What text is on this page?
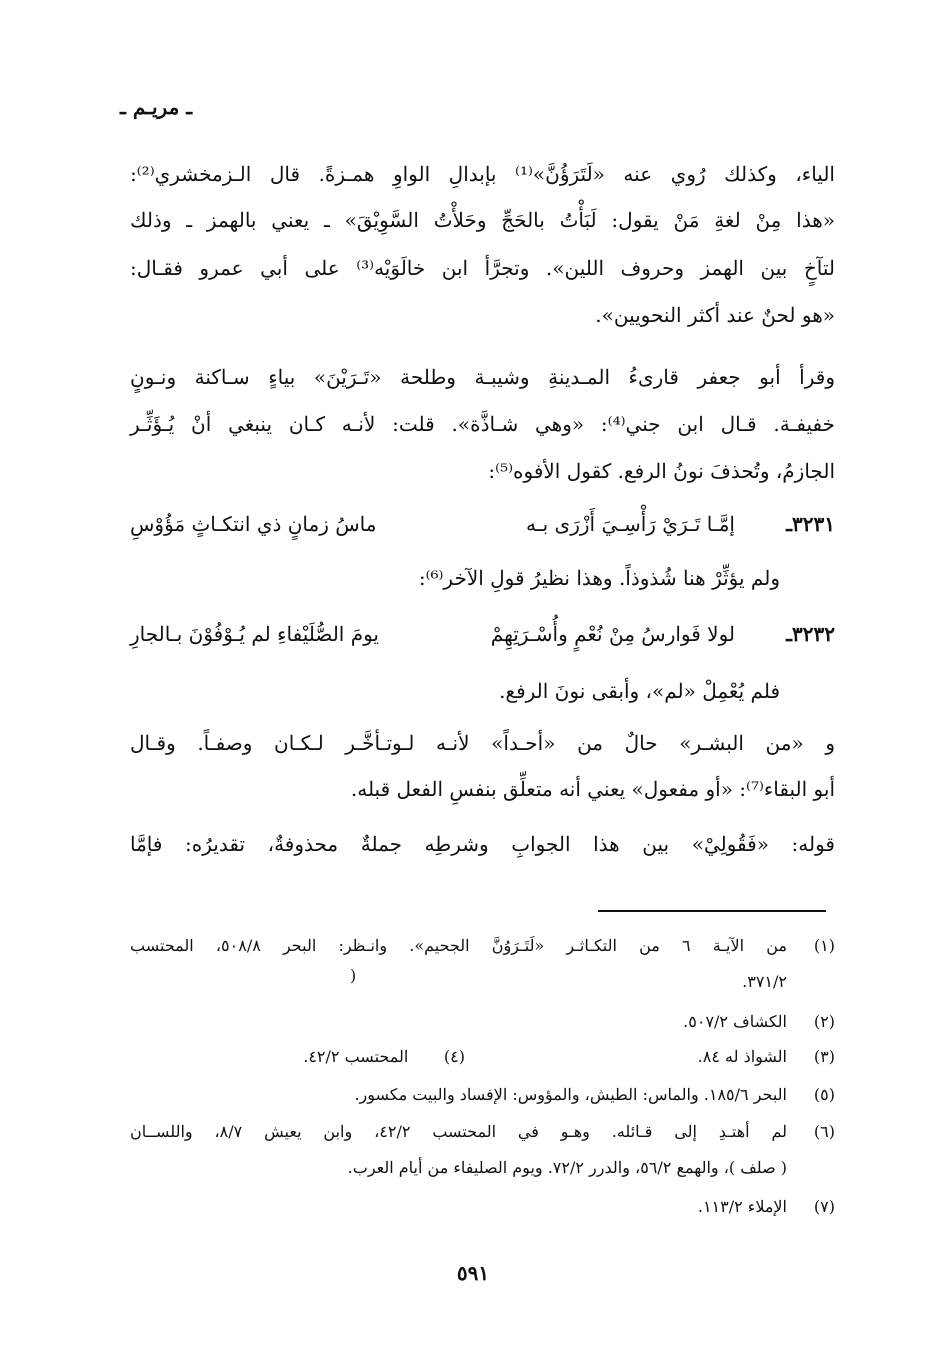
ـ مريـم ـ
الياء، وكذلك رُوي عنه «لَتَرَؤُنَّ»⁽¹⁾ بإبدالِ الواوِ همـزةً. قال الـزمخشري⁽²⁾:
«هذا مِنْ لغةِ مَنْ يقول: لَبَأْتُ بالحَجِّ وحَلأْتُ السَّوِيْقَ» ـ يعني بالهمز ـ وذلك
لتآخٍ بين الهمز وحروف اللين». وتجرَّأ ابن خالَوَيْه⁽³⁾ على أبي عمرو فقـال:
«هو لحنٌ عند أكثر النحويين».
وقرأ أبو جعفر قارىءُ المـدينةِ وشيبـة وطلحة «تَـرَيْنَ» بياءٍ سـاكنة ونـونٍ
خفيفـة. قـال ابن جني⁽⁴⁾: «وهي شـاذَّة». قلت: لأنـه كـان ينبغي أنْ يُـؤَثِّـر
الجازمُ، وتُحذفَ نونُ الرفع. كقول الأفوه⁽⁵⁾:
٣٢٣١ـ
إمَّـا تَـرَيْ رَأْسِـيَ أَزْرَى بـه
ماسُ زمانٍ ذي انتكـاثٍ مَؤُوْسِ
ولم يؤثِّرْ هنا شُذوذاً. وهذا نظيرُ قولِ الآخر⁽⁶⁾:
٣٢٣٢ـ
لولا فَوارسُ مِنْ نُعْمٍ وأُسْـرَتِهِمْ
يومَ الصُّلَيْفاءِ لم يُـوْفُوْنَ بـالجارِ
فلم يُعْمِلْ «لم»، وأبقى نونَ الرفع.
و «من البشـر» حالٌ من «أحـداً» لأنـه لـوتـأخَّـر لـكـان وصفـاً. وقـال
أبو البقاء⁽⁷⁾: «أو مفعول» يعني أنه متعلِّق بنفسِ الفعل قبله.
قوله: «فَقُولِيْ» بين هذا الجوابِ وشرطِه جملةٌ محذوفةٌ، تقديرُه: فإمَّا
(١)
من الآيـة ٦ من التكـاثـر «لَتَـرَوُنَّ الجحيم». وانـظر: البحر ٥٠٨/٨، المحتسب
٣٧١/٢.
)
(٢)
الكشاف ٥٠٧/٢.
(٣)
الشواذ له ٨٤.
(٤)       المحتسب ٤٢/٢.
(٥)
البحر ١٨٥/٦. والماس: الطيش، والمؤوس: الإفساد والبيت مكسور.
(٦)
لم أهتـدِ إلى قـائله. وهـو في المحتسب ٤٢/٢، وابن يعيش ٨/٧، واللســان
( صلف )، والهمع ٥٦/٢، والدرر ٧٢/٢. ويوم الصليفاء من أيام العرب.
(٧)
الإملاء ١١٣/٢.
٥٩١
